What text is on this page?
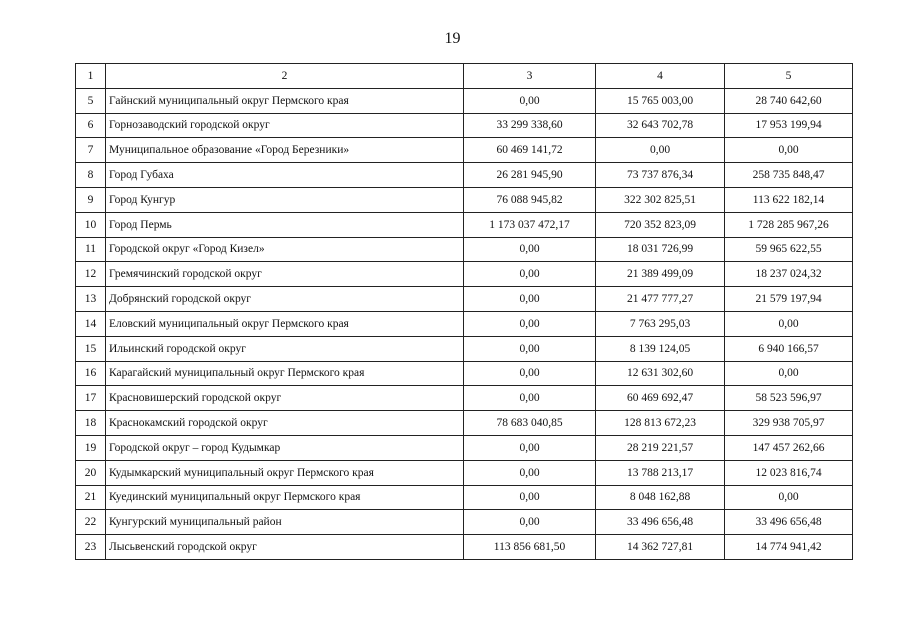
19
1	2	3	4	5
5	Гайнский муниципальный округ Пермского края	0,00	15 765 003,00	28 740 642,60
6	Горнозаводский городской округ	33 299 338,60	32 643 702,78	17 953 199,94
7	Муниципальное образование «Город Березники»	60 469 141,72	0,00	0,00
8	Город Губаха	26 281 945,90	73 737 876,34	258 735 848,47
9	Город Кунгур	76 088 945,82	322 302 825,51	113 622 182,14
10	Город Пермь	1 173 037 472,17	720 352 823,09	1 728 285 967,26
11	Городской округ «Город Кизел»	0,00	18 031 726,99	59 965 622,55
12	Гремячинский городской округ	0,00	21 389 499,09	18 237 024,32
13	Добрянский городской округ	0,00	21 477 777,27	21 579 197,94
14	Еловский муниципальный округ Пермского края	0,00	7 763 295,03	0,00
15	Ильинский городской округ	0,00	8 139 124,05	6 940 166,57
16	Карагайский муниципальный округ Пермского края	0,00	12 631 302,60	0,00
17	Красновишерский городской округ	0,00	60 469 692,47	58 523 596,97
18	Краснокамский городской округ	78 683 040,85	128 813 672,23	329 938 705,97
19	Городской округ – город Кудымкар	0,00	28 219 221,57	147 457 262,66
20	Кудымкарский муниципальный округ Пермского края	0,00	13 788 213,17	12 023 816,74
21	Куединский муниципальный округ Пермского края	0,00	8 048 162,88	0,00
22	Кунгурский муниципальный район	0,00	33 496 656,48	33 496 656,48
23	Лысьвенский городской округ	113 856 681,50	14 362 727,81	14 774 941,42
